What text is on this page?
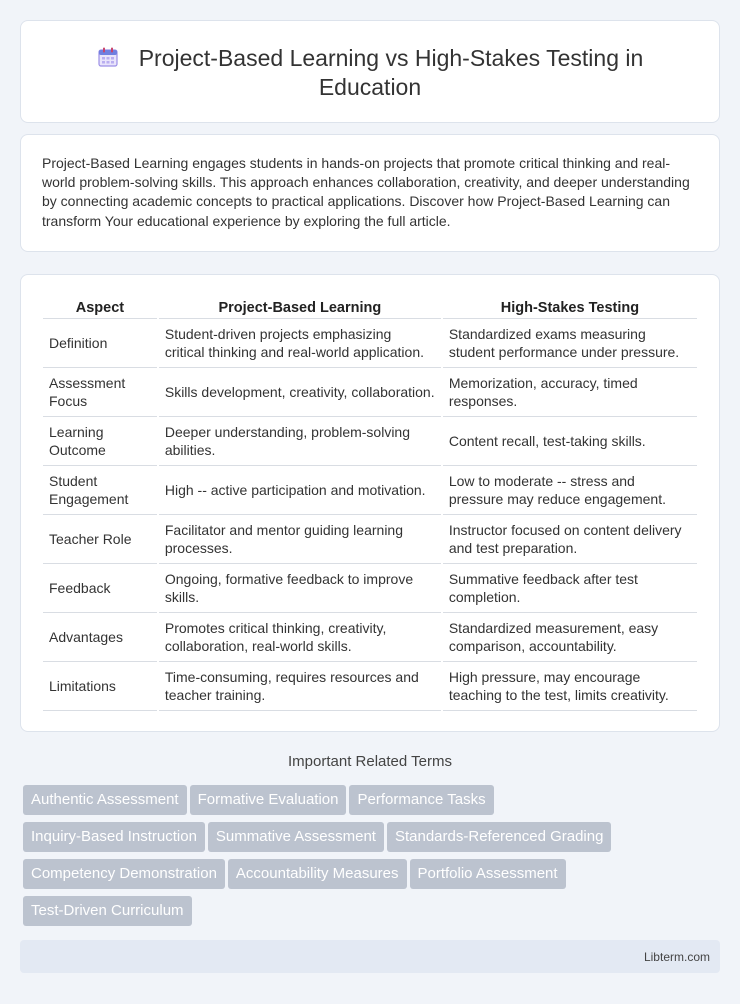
Project-Based Learning vs High-Stakes Testing in
Education

Project-Based Learning engages students in hands-on projects that promote critical thinking and real-world problem-solving skills. This approach enhances collaboration, creativity, and deeper understanding by connecting academic concepts to practical applications. Discover how Project-Based Learning can transform Your educational experience by exploring the full article.

Aspect	Project-Based Learning	High-Stakes Testing
Definition	Student-driven projects emphasizing critical thinking and real-world application.	Standardized exams measuring student performance under pressure.
Assessment Focus	Skills development, creativity, collaboration.	Memorization, accuracy, timed responses.
Learning Outcome	Deeper understanding, problem-solving abilities.	Content recall, test-taking skills.
Student Engagement	High -- active participation and motivation.	Low to moderate -- stress and pressure may reduce engagement.
Teacher Role	Facilitator and mentor guiding learning processes.	Instructor focused on content delivery and test preparation.
Feedback	Ongoing, formative feedback to improve skills.	Summative feedback after test completion.
Advantages	Promotes critical thinking, creativity, collaboration, real-world skills.	Standardized measurement, easy comparison, accountability.
Limitations	Time-consuming, requires resources and teacher training.	High pressure, may encourage teaching to the test, limits creativity.
Important Related Terms
Authentic Assessment Formative Evaluation Performance Tasks
Inquiry-Based Instruction Summative Assessment Standards-Referenced Grading
Competency Demonstration Accountability Measures Portfolio Assessment
Test-Driven Curriculum
Libterm.com
